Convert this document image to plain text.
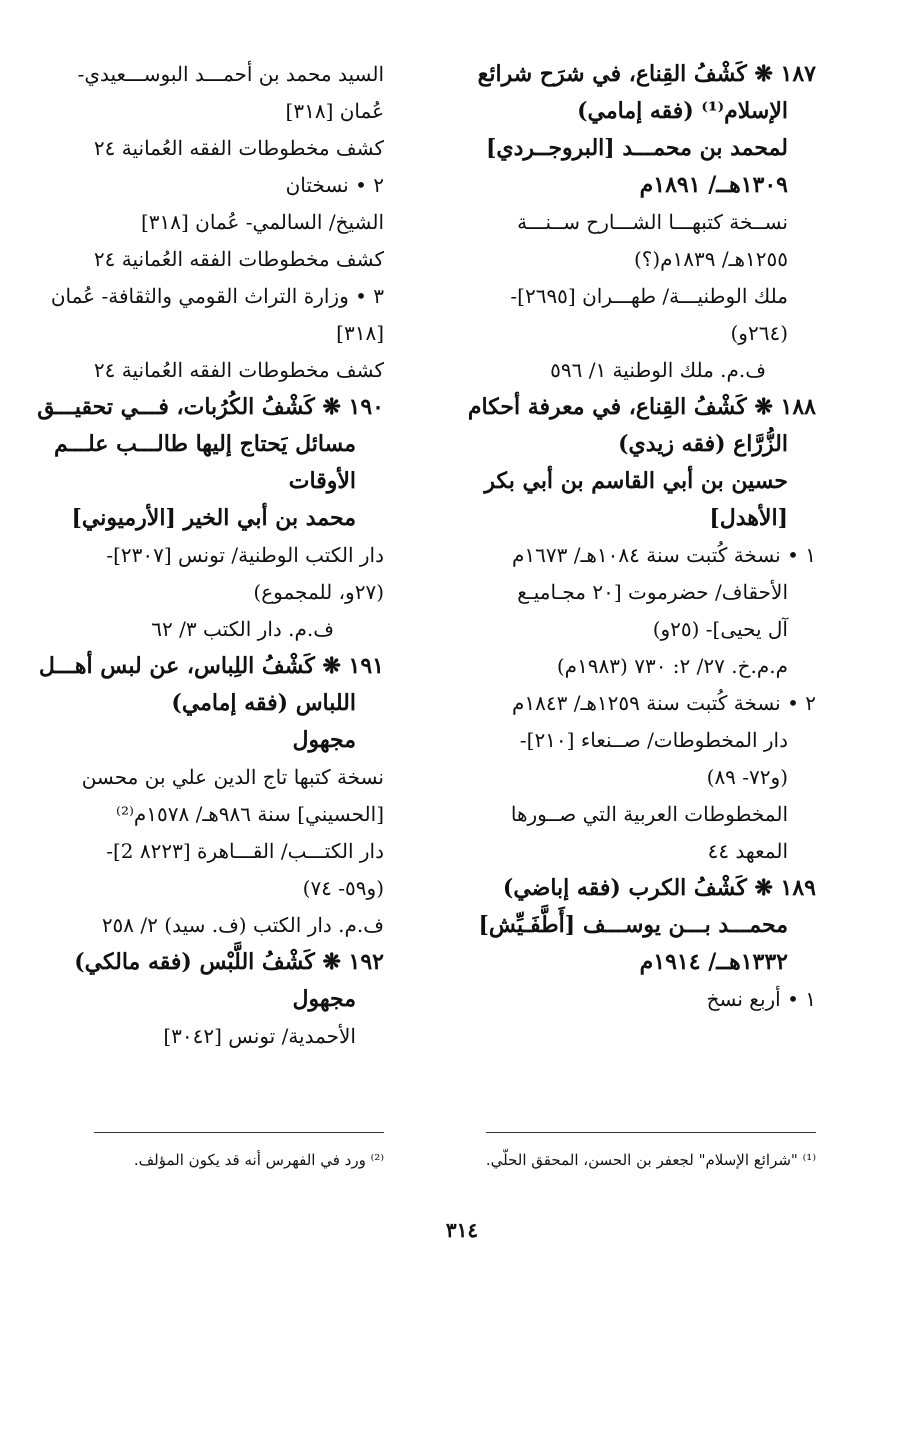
١٨٧ ❋ كَشْفُ القِناع، في شرَح شرائع
الإسلام⁽¹⁾ (فقه إمامي)
لمحمد بن محمـــد [البروجــردي]
١٣٠٩هــ/ ١٨٩١م
نســخة كتبهـــا الشـــارح ســنـــة
١٢٥٥هـ/ ١٨٣٩م(؟)
ملك الوطنيـــة/ طهـــران [٢٦٩٥]-
(٢٦٤و)
ف.م. ملك الوطنية ١/ ٥٩٦
١٨٨ ❋ كَشْفُ القِناع، في معرفة أحكام
الزُّرَّاع (فقه زيدي)
حسين بن أبي القاسم بن أبي بكر
[الأهدل]
١ • نسخة كُتبت سنة ١٠٨٤هـ/ ١٦٧٣م
الأحقاف/ حضرموت [٢٠ مجـاميـع
آل يحيى]- (٢٥و)
م.م.خ. ٢٧/ ٢: ٧٣٠ (١٩٨٣م)
٢ • نسخة كُتبت سنة ١٢٥٩هـ/ ١٨٤٣م
دار المخطوطات/ صــنعاء [٢١٠]-
(و٧٢- ٨٩)
المخطوطات العربية التي صــورها
المعهد ٤٤
١٨٩ ❋ كَشْفُ الكرب (فقه إباضي)
محمـــد بـــن يوســـف [أَطَّفَـيِّش]
١٣٣٢هــ/ ١٩١٤م
١ • أربع نسخ
السيد محمد بن أحمـــد البوســـعيدي-
عُمان [٣١٨]
كشف مخطوطات الفقه العُمانية ٢٤
٢ • نسختان
الشيخ/ السالمي- عُمان [٣١٨]
كشف مخطوطات الفقه العُمانية ٢٤
٣ • وزارة التراث القومي والثقافة- عُمان
[٣١٨]
كشف مخطوطات الفقه العُمانية ٢٤
١٩٠ ❋ كَشْفُ الكُرُبات، فـــي تحقيـــق
مسائل يَحتاج إليها طالـــب علـــم
الأوقات
محمد بن أبي الخير [الأرميوني]
دار الكتب الوطنية/ تونس [٢٣٠٧]-
(٢٧و، للمجموع)
ف.م. دار الكتب ٣/ ٦٢
١٩١ ❋ كَشْفُ اللِباس، عن لبس أهـــل
اللباس (فقه إمامي)
مجهول
نسخة كتبها تاج الدين علي بن محسن
[الحسيني] سنة ٩٨٦هـ/ ١٥٧٨م⁽²⁾
دار الكتـــب/ القـــاهرة [٨٢٢٣ 2]-
(و٥٩- ٧٤)
ف.م. دار الكتب (ف. سيد) ٢/ ٢٥٨
١٩٢ ❋ كَشْفُ اللَّبْس (فقه مالكي)
مجهول
الأحمدية/ تونس [٣٠٤٢]
⁽¹⁾ "شرائع الإسلام" لجعفر بن الحسن، المحقق الحلّي.
⁽²⁾ ورد في الفهرس أنه قد يكون المؤلف.
٣١٤
